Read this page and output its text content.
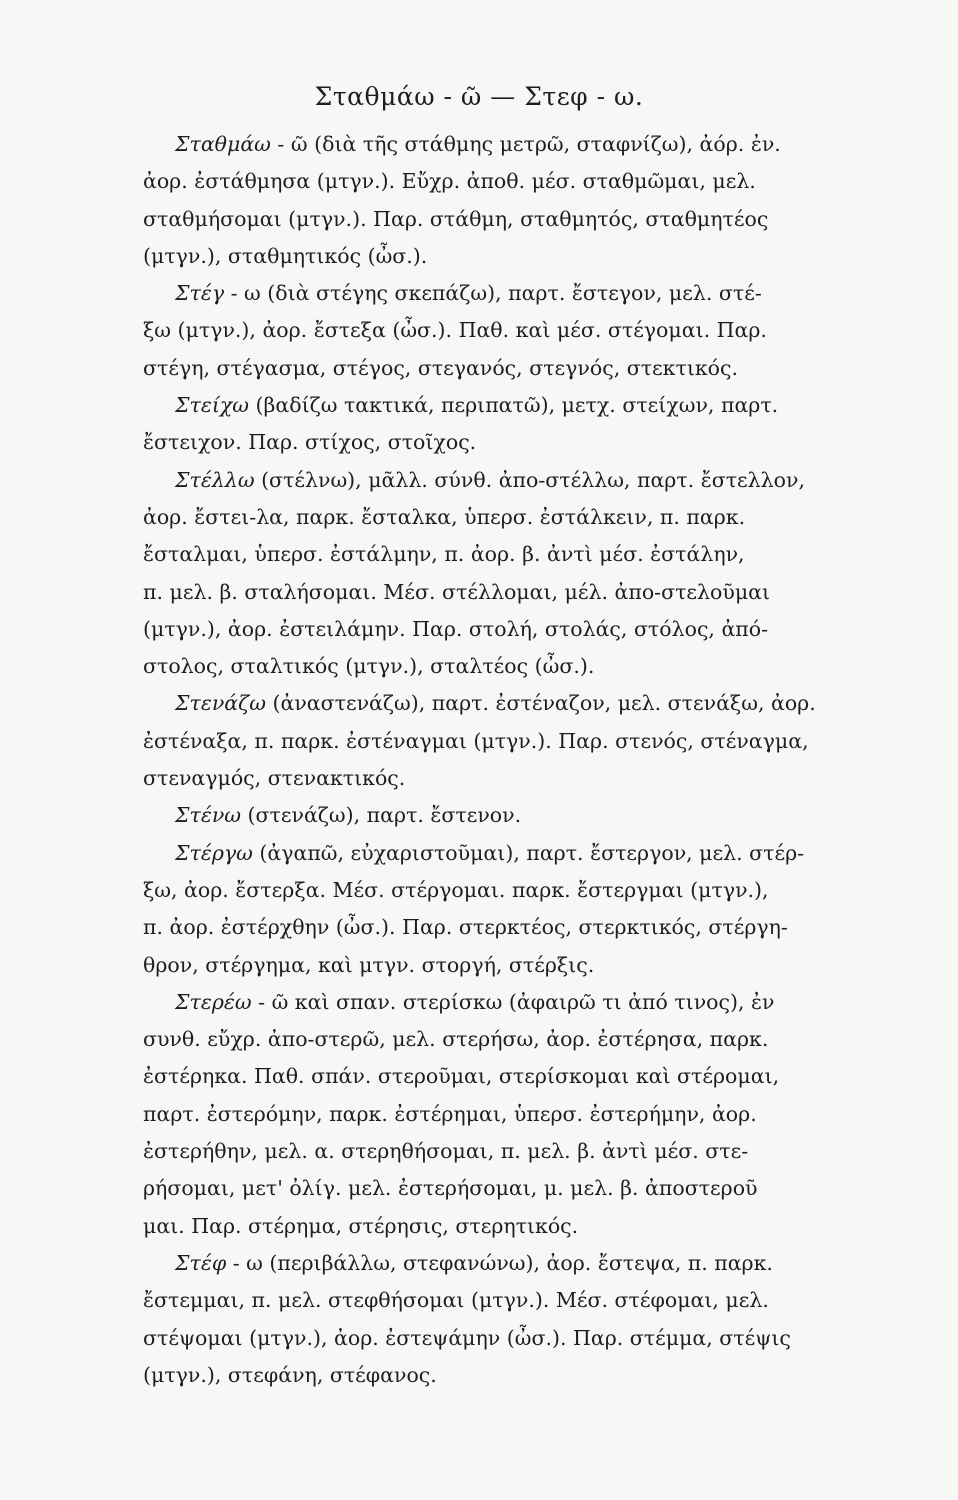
Σταθμάω - ῶ — Στεφ - ω.
Σταθμάω - ῶ (διὰ τῆς στάθμης μετρῶ, σταφνίζω), ἀόρ. ἐν.
ἀορ. ἐστάθμησα (μτγν.). Εὔχρ. ἀποθ. μέσ. σταθμῶμαι, μελ.
σταθμήσομαι (μτγν.). Παρ. στάθμη, σταθμητός, σταθμητέος
(μτγν.), σταθμητικός (ὦσ.).
Στέγ - ω (διὰ στέγης σκεπάζω), παρτ. ἔστεγον, μελ. στέ-
ξω (μτγν.), ἀορ. ἔστεξα (ὦσ.). Παθ. καὶ μέσ. στέγομαι. Παρ.
στέγη, στέγασμα, στέγος, στεγανός, στεγνός, στεκτικός.
Στείχω (βαδίζω τακτικά, περιπατῶ), μετχ. στείχων, παρτ.
ἔστειχον. Παρ. στίχος, στοῖχος.
Στέλλω (στέλνω), μᾶλλ. σύνθ. ἀπο-στέλλω, παρτ. ἔστελλον,
ἀορ. ἔστει-λα, παρκ. ἔσταλκα, ὑπερσ. ἐστάλκειν, π. παρκ.
ἔσταλμαι, ὑπερσ. ἐστάλμην, π. ἀορ. β. ἀντὶ μέσ. ἐστάλην,
π. μελ. β. σταλήσομαι. Μέσ. στέλλομαι, μέλ. ἀπο-στελοῦμαι
(μτγν.), ἀορ. ἐστειλάμην. Παρ. στολή, στολάς, στόλος, ἀπό-
στολος, σταλτικός (μτγν.), σταλτέος (ὦσ.).
Στενάζω (ἀναστενάζω), παρτ. ἐστέναζον, μελ. στενάξω, ἀορ.
ἐστέναξα, π. παρκ. ἐστέναγμαι (μτγν.). Παρ. στενός, στέναγμα,
στεναγμός, στενακτικός.
Στένω (στενάζω), παρτ. ἔστενον.
Στέργω (ἀγαπῶ, εὐχαριστοῦμαι), παρτ. ἔστεργον, μελ. στέρ-
ξω, ἀορ. ἔστερξα. Μέσ. στέργομαι. παρκ. ἔστεργμαι (μτγν.),
π. ἀορ. ἐστέρχθην (ὦσ.). Παρ. στερκτέος, στερκτικός, στέργη-
θρον, στέργημα, καὶ μτγν. στοργή, στέρξις.
Στερέω - ῶ καὶ σπαν. στερίσκω (ἀφαιρῶ τι ἀπό τινος), ἐν
συνθ. εὔχρ. ἀπο-στερῶ, μελ. στερήσω, ἀορ. ἐστέρησα, παρκ.
ἐστέρηκα. Παθ. σπάν. στεροῦμαι, στερίσκομαι καὶ στέρομαι,
παρτ. ἐστερόμην, παρκ. ἐστέρημαι, ὑπερσ. ἐστερήμην, ἀορ.
ἐστερήθην, μελ. α. στερηθήσομαι, π. μελ. β. ἀντὶ μέσ. στε-
ρήσομαι, μετ' ὀλίγ. μελ. ἐστερήσομαι, μ. μελ. β. ἀποστεροῦ
μαι. Παρ. στέρημα, στέρησις, στερητικός.
Στέφ - ω (περιβάλλω, στεφανώνω), ἀορ. ἔστεψα, π. παρκ.
ἔστεμμαι, π. μελ. στεφθήσομαι (μτγν.). Μέσ. στέφομαι, μελ.
στέψομαι (μτγν.), ἀορ. ἐστεψάμην (ὦσ.). Παρ. στέμμα, στέψις
(μτγν.), στεφάνη, στέφανος.
